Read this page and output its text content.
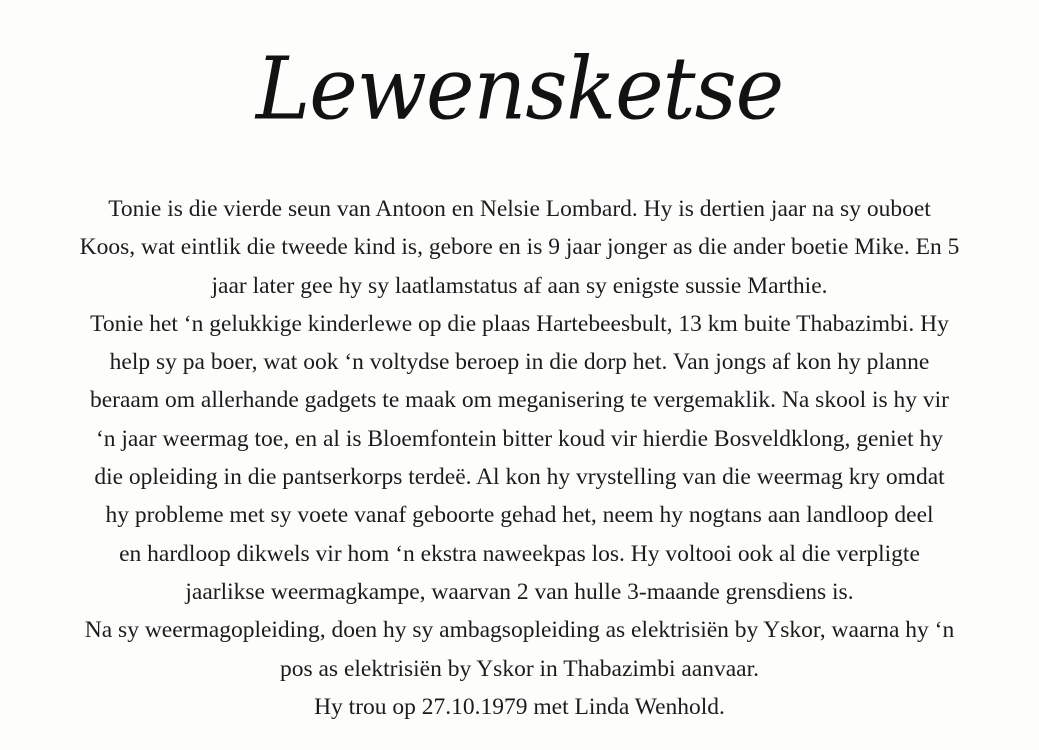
Lewensketse
Tonie is die vierde seun van Antoon en Nelsie Lombard. Hy is dertien jaar na sy ouboet
Koos, wat eintlik die tweede kind is, gebore en is 9 jaar jonger as die ander boetie Mike. En 5
jaar later gee hy sy laatlamstatus af aan sy enigste sussie Marthie.
Tonie het ‘n gelukkige kinderlewe op die plaas Hartebeesbult, 13 km buite Thabazimbi. Hy
help sy pa boer, wat ook ‘n voltydse beroep in die dorp het. Van jongs af kon hy planne
beraam om allerhande gadgets te maak om meganisering te vergemaklik. Na skool is hy vir
‘n jaar weermag toe, en al is Bloemfontein bitter koud vir hierdie Bosveldklong, geniet hy
die opleiding in die pantserkorps terdeë. Al kon hy vrystelling van die weermag kry omdat
hy probleme met sy voete vanaf geboorte gehad het, neem hy nogtans aan landloop deel
en hardloop dikwels vir hom ‘n ekstra naweekpas los. Hy voltooi ook al die verpligte
jaarlikse weermagkampe, waarvan 2 van hulle 3-maande grensdiens is.
Na sy weermagopleiding, doen hy sy ambagsopleiding as elektrisiën by Yskor, waarna hy ‘n
pos as elektrisiën by Yskor in Thabazimbi aanvaar.
Hy trou op 27.10.1979 met Linda Wenhold.
